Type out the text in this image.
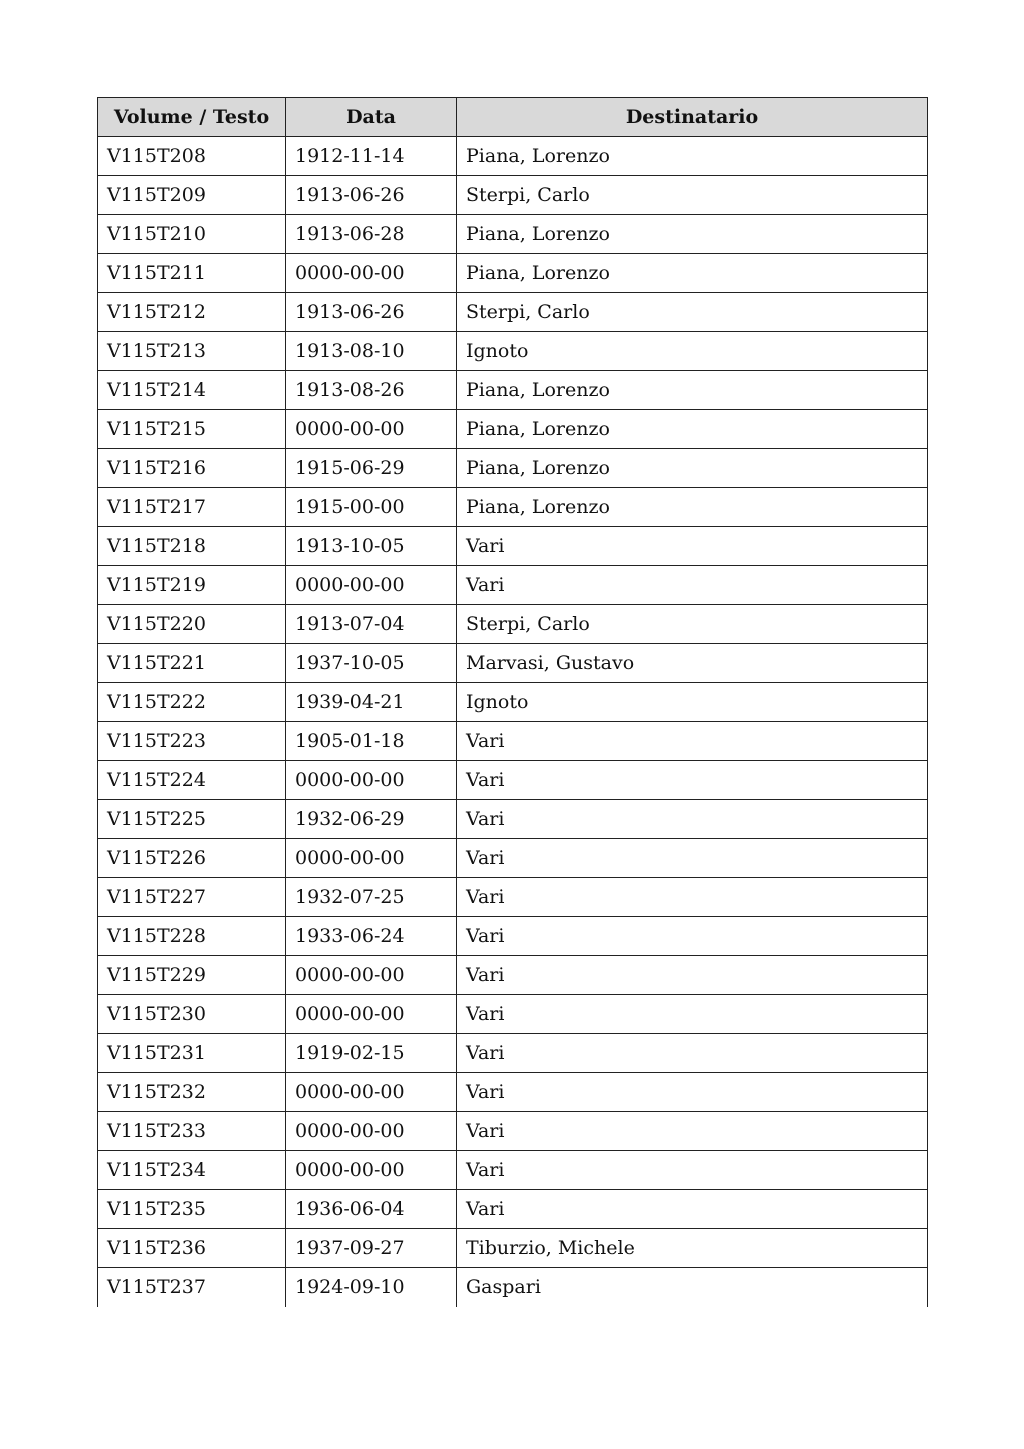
Volume / Testo	Data	Destinatario
V115T208	1912-11-14	Piana, Lorenzo
V115T209	1913-06-26	Sterpi, Carlo
V115T210	1913-06-28	Piana, Lorenzo
V115T211	0000-00-00	Piana, Lorenzo
V115T212	1913-06-26	Sterpi, Carlo
V115T213	1913-08-10	Ignoto
V115T214	1913-08-26	Piana, Lorenzo
V115T215	0000-00-00	Piana, Lorenzo
V115T216	1915-06-29	Piana, Lorenzo
V115T217	1915-00-00	Piana, Lorenzo
V115T218	1913-10-05	Vari
V115T219	0000-00-00	Vari
V115T220	1913-07-04	Sterpi, Carlo
V115T221	1937-10-05	Marvasi, Gustavo
V115T222	1939-04-21	Ignoto
V115T223	1905-01-18	Vari
V115T224	0000-00-00	Vari
V115T225	1932-06-29	Vari
V115T226	0000-00-00	Vari
V115T227	1932-07-25	Vari
V115T228	1933-06-24	Vari
V115T229	0000-00-00	Vari
V115T230	0000-00-00	Vari
V115T231	1919-02-15	Vari
V115T232	0000-00-00	Vari
V115T233	0000-00-00	Vari
V115T234	0000-00-00	Vari
V115T235	1936-06-04	Vari
V115T236	1937-09-27	Tiburzio, Michele
V115T237	1924-09-10	Gaspari
